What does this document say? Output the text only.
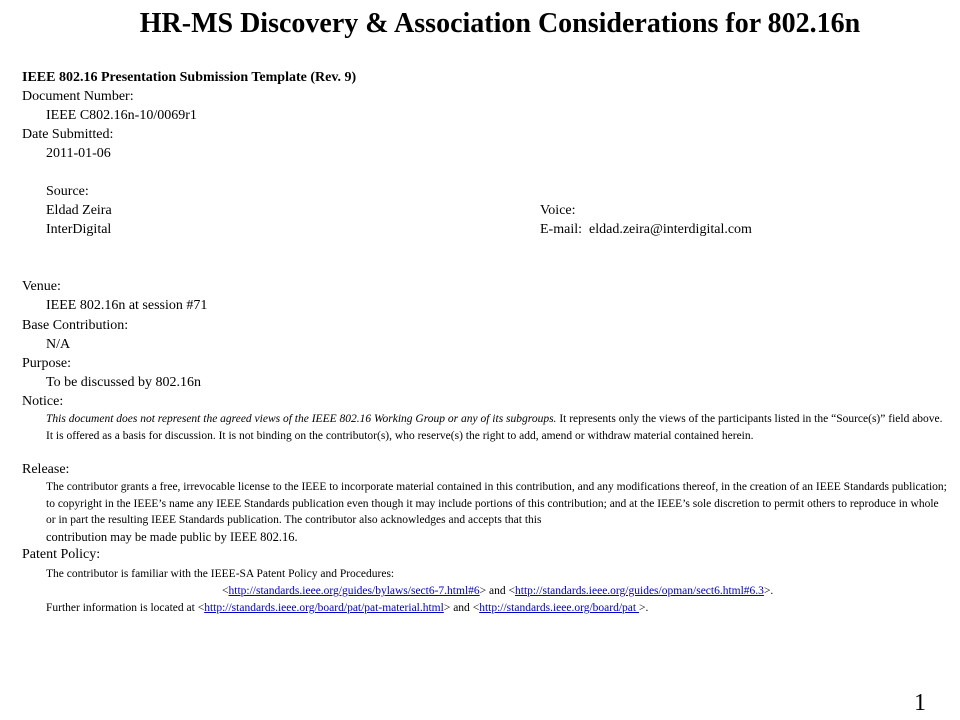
HR-MS Discovery & Association Considerations for 802.16n
IEEE 802.16 Presentation Submission Template (Rev. 9)
Document Number:
IEEE C802.16n-10/0069r1
Date Submitted:
2011-01-06
Source:
Eldad Zeira	Voice:
InterDigital	E-mail: eldad.zeira@interdigital.com
Venue:
IEEE 802.16n at session #71
Base Contribution:
N/A
Purpose:
To be discussed by 802.16n
Notice:
This document does not represent the agreed views of the IEEE 802.16 Working Group or any of its subgroups. It represents only the views of the participants listed in the “Source(s)” field above. It is offered as a basis for discussion. It is not binding on the contributor(s), who reserve(s) the right to add, amend or withdraw material contained herein.
Release:
The contributor grants a free, irrevocable license to the IEEE to incorporate material contained in this contribution, and any modifications thereof, in the creation of an IEEE Standards publication; to copyright in the IEEE’s name any IEEE Standards publication even though it may include portions of this contribution; and at the IEEE’s sole discretion to permit others to reproduce in whole or in part the resulting IEEE Standards publication. The contributor also acknowledges and accepts that this
contribution may be made public by IEEE 802.16.
Patent Policy:
The contributor is familiar with the IEEE-SA Patent Policy and Procedures:
<http://standards.ieee.org/guides/bylaws/sect6-7.html#6> and <http://standards.ieee.org/guides/opman/sect6.html#6.3>.
Further information is located at <http://standards.ieee.org/board/pat/pat-material.html> and <http://standards.ieee.org/board/pat >.
1
